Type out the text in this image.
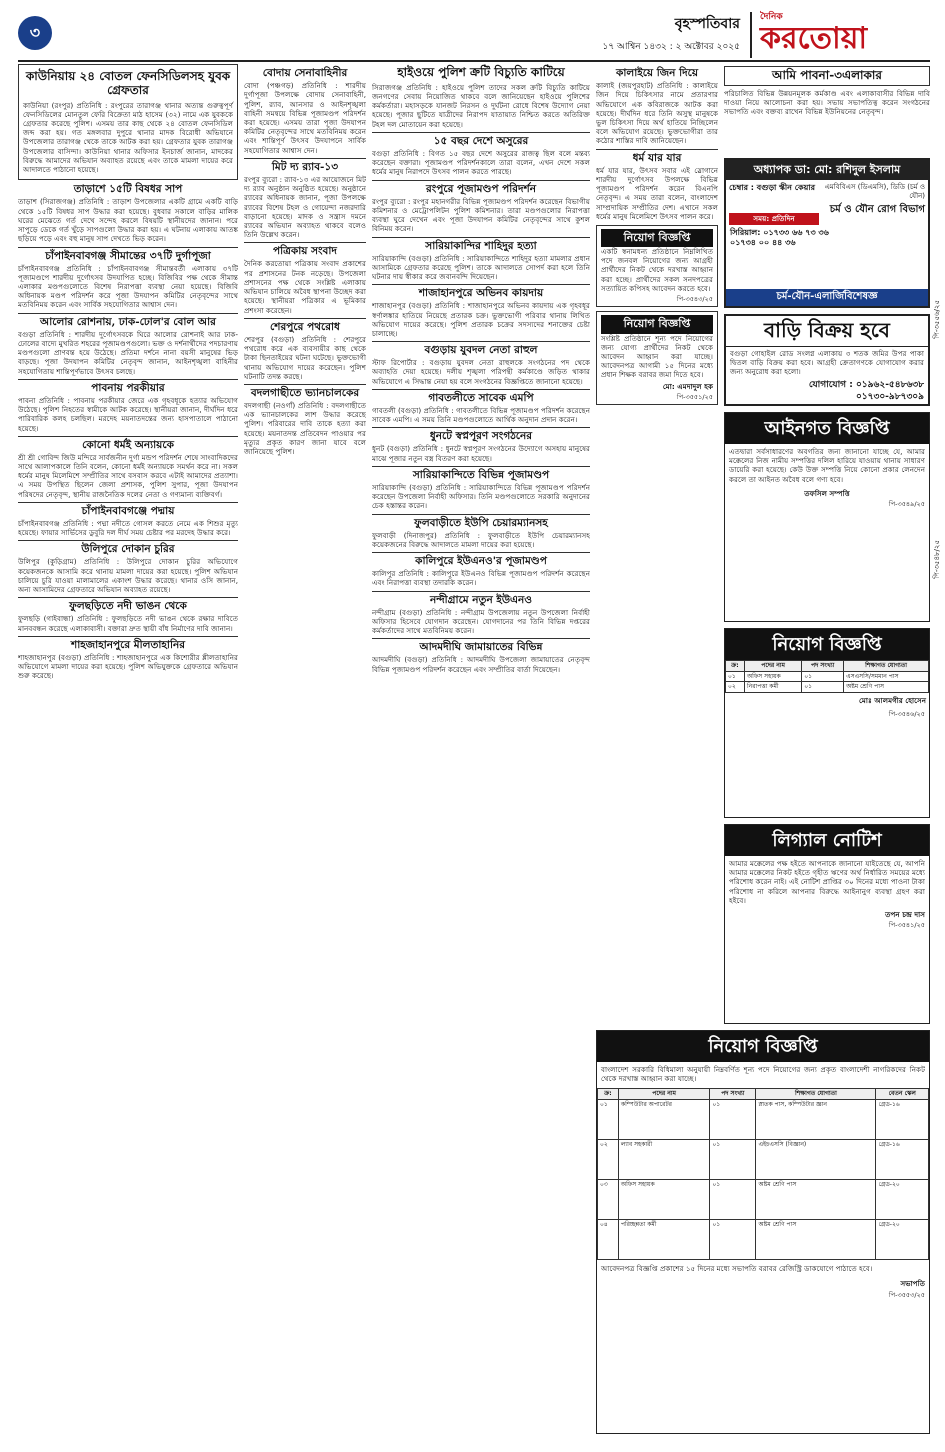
৩	বৃহস্পতিবার
১৭ আশ্বিন ১৪৩২ : ২ অক্টোবর ২০২৫
দৈনিক
করতোয়া
কাউনিয়ায় ২৪ বোতল ফেনসিডিলসহ যুবক গ্রেফতার

কাউনিয়া (রংপুর) প্রতিনিধি : রংপুরের তারাগঞ্জ থানার অত্যন্ত গুরুত্বপূর্ণ ফেনসিডিলের মোনতুল ফেরি বিক্রেতা মাঠ হাসেম (৩২) নামে এক যুবককে গ্রেফতার করেছে পুলিশ। এসময় তার কাছ থেকে ২৪ বোতল ফেনসিডিল জব্দ করা হয়। গত মঙ্গলবার দুপুরে থানার মাদক বিরোধী অভিযানে উপজেলার তারাগঞ্জ থেকে তাকে আটক করা হয়। গ্রেফতার যুবক তারাগঞ্জ উপজেলার বাসিন্দা। কাউনিয়া থানার অফিসার ইনচার্জ জানান, মাদকের বিরুদ্ধে আমাদের অভিযান অব্যাহত রয়েছে এবং তাকে মামলা দায়ের করে আদালতে পাঠানো হয়েছে।

তাড়াশে ১৫টি বিষধর সাপ

তাড়াশ (সিরাজগঞ্জ) প্রতিনিধি : তাড়াশ উপজেলার একটি গ্রামে একটি বাড়ি থেকে ১৫টি বিষধর সাপ উদ্ধার করা হয়েছে। বুধবার সকালে বাড়ির মালিক ঘরের মেঝেতে গর্ত দেখে সন্দেহ করলে বিষয়টি স্থানীয়দের জানান। পরে সাপুড়ে ডেকে গর্ত খুঁড়ে সাপগুলো উদ্ধার করা হয়। এ ঘটনায় এলাকায় আতঙ্ক ছড়িয়ে পড়ে এবং বহু মানুষ সাপ দেখতে ভিড় করেন।

চাঁপাইনবাবগঞ্জ সীমান্তের ৩৭টি দুর্গাপূজা

চাঁপাইনবাবগঞ্জ প্রতিনিধি : চাঁপাইনবাবগঞ্জ সীমান্তবর্তী এলাকায় ৩৭টি পূজামণ্ডপে শারদীয় দুর্গোৎসব উদযাপিত হচ্ছে। বিজিবির পক্ষ থেকে সীমান্ত এলাকার মণ্ডপগুলোতে বিশেষ নিরাপত্তা ব্যবস্থা নেয়া হয়েছে। বিজিবি অধিনায়ক মণ্ডপ পরিদর্শন করে পূজা উদযাপন কমিটির নেতৃবৃন্দের সাথে মতবিনিময় করেন এবং সার্বিক সহযোগিতার আশ্বাস দেন।

আলোর রোশনায়, ঢাক-ঢোল'র বোল আর

বগুড়া প্রতিনিধি : শারদীয় দুর্গোৎসবকে ঘিরে আলোর রোশনাই আর ঢাক-ঢোলের বাদ্যে মুখরিত শহরের পূজামণ্ডপগুলো। ভক্ত ও দর্শনার্থীদের পদচারণায় মণ্ডপগুলো প্রাণবন্ত হয়ে উঠেছে। প্রতিমা দর্শনে নানা বয়সী মানুষের ভিড় বাড়ছে। পূজা উদযাপন কমিটির নেতৃবৃন্দ জানান, আইনশৃঙ্খলা বাহিনীর সহযোগিতায় শান্তিপূর্ণভাবে উৎসব চলছে।

পাবনায় পরকীয়ার

পাবনা প্রতিনিধি : পাবনায় পরকীয়ার জেরে এক গৃহবধূকে হত্যার অভিযোগ উঠেছে। পুলিশ নিহতের স্বামীকে আটক করেছে। স্থানীয়রা জানান, দীর্ঘদিন ধরে পারিবারিক কলহ চলছিল। মরদেহ ময়নাতদন্তের জন্য হাসপাতালে পাঠানো হয়েছে।

কোনো ধর্মই অন্যায়কে

শ্রী শ্রী গোবিন্দ জিউ মন্দিরে সার্বজনীন দুর্গা মন্ডপ পরিদর্শন শেষে সাংবাদিকদের সাথে আলাপকালে তিনি বলেন, কোনো ধর্মই অন্যায়কে সমর্থন করে না। সকল ধর্মের মানুষ মিলেমিশে সম্প্রীতির সাথে বসবাস করবে এটাই আমাদের প্রত্যাশা। এ সময় উপস্থিত ছিলেন জেলা প্রশাসক, পুলিশ সুপার, পূজা উদযাপন পরিষদের নেতৃবৃন্দ, স্থানীয় রাজনৈতিক দলের নেতা ও গণ্যমান্য ব্যক্তিবর্গ।

চাঁপাইনবাবগঞ্জে পদ্মায়

চাঁপাইনবাবগঞ্জ প্রতিনিধি : পদ্মা নদীতে গোসল করতে নেমে এক শিশুর মৃত্যু হয়েছে। ফায়ার সার্ভিসের ডুবুরি দল দীর্ঘ সময় চেষ্টার পর মরদেহ উদ্ধার করে।

উলিপুরে দোকান চুরির

উলিপুর (কুড়িগ্রাম) প্রতিনিধি : উলিপুরে দোকান চুরির অভিযোগে কয়েকজনকে আসামি করে থানায় মামলা দায়ের করা হয়েছে। পুলিশ অভিযান চালিয়ে চুরি যাওয়া মালামালের একাংশ উদ্ধার করেছে। থানার ওসি জানান, অন্য আসামিদের গ্রেফতারে অভিযান অব্যাহত রয়েছে।

ফুলছড়িতে নদী ভাঙন থেকে

ফুলছড়ি (গাইবান্ধা) প্রতিনিধি : ফুলছড়িতে নদী ভাঙন থেকে রক্ষার দাবিতে মানববন্ধন করেছে এলাকাবাসী। বক্তারা দ্রুত স্থায়ী বাঁধ নির্মাণের দাবি জানান।

শাহজাহানপুরে মীলতাহানির

শাহজাহানপুর (বগুড়া) প্রতিনিধি : শাহজাহানপুরে এক কিশোরীর শ্লীলতাহানির অভিযোগে মামলা দায়ের করা হয়েছে। পুলিশ অভিযুক্তকে গ্রেফতারে অভিযান শুরু করেছে।

বোদায় সেনাবাহিনীর

বোদা (পঞ্চগড়) প্রতিনিধি : শারদীয় দুর্গাপূজা উপলক্ষে বোদায় সেনাবাহিনী, পুলিশ, র‍্যাব, আনসার ও আইনশৃঙ্খলা বাহিনী সমন্বয়ে বিভিন্ন পূজামণ্ডপ পরিদর্শন করা হয়েছে। এসময় তারা পূজা উদযাপন কমিটির নেতৃবৃন্দের সাথে মতবিনিময় করেন এবং শান্তিপূর্ণ উৎসব উদযাপনে সার্বিক সহযোগিতার আশ্বাস দেন।

মিট দ্য র‍্যাব-১৩

রংপুর ব্যুরো : র‍্যাব-১৩ এর আয়োজনে মিট দ্য র‍্যাব অনুষ্ঠান অনুষ্ঠিত হয়েছে। অনুষ্ঠানে র‍্যাবের অধিনায়ক জানান, পূজা উপলক্ষে র‍্যাবের বিশেষ টহল ও গোয়েন্দা নজরদারি বাড়ানো হয়েছে। মাদক ও সন্ত্রাস দমনে র‍্যাবের অভিযান অব্যাহত থাকবে বলেও তিনি উল্লেখ করেন।

পত্রিকায় সংবাদ

দৈনিক করতোয়া পত্রিকায় সংবাদ প্রকাশের পর প্রশাসনের টনক নড়েছে। উপজেলা প্রশাসনের পক্ষ থেকে সংশ্লিষ্ট এলাকায় অভিযান চালিয়ে অবৈধ স্থাপনা উচ্ছেদ করা হয়েছে। স্থানীয়রা পত্রিকার এ ভূমিকার প্রশংসা করেছেন।

শেরপুরে পথরোধ

শেরপুর (বগুড়া) প্রতিনিধি : শেরপুরে পথরোধ করে এক ব্যবসায়ীর কাছ থেকে টাকা ছিনতাইয়ের ঘটনা ঘটেছে। ভুক্তভোগী থানায় অভিযোগ দায়ের করেছেন। পুলিশ ঘটনাটি তদন্ত করছে।

বদলগাছীতে ভ্যানচালকের

বদলগাছী (নওগাঁ) প্রতিনিধি : বদলগাছীতে এক ভ্যানচালকের লাশ উদ্ধার করেছে পুলিশ। পরিবারের দাবি তাকে হত্যা করা হয়েছে। ময়নাতদন্ত প্রতিবেদন পাওয়ার পর মৃত্যুর প্রকৃত কারণ জানা যাবে বলে জানিয়েছে পুলিশ।

হাইওয়ে পুলিশ ক্রটি বিচ্যুতি কাটিয়ে

সিরাজগঞ্জ প্রতিনিধি : হাইওয়ে পুলিশ তাদের সকল ক্রটি বিচ্যুতি কাটিয়ে জনগণের সেবায় নিয়োজিত থাকবে বলে জানিয়েছেন হাইওয়ে পুলিশের কর্মকর্তারা। মহাসড়কে যানজট নিরসন ও দুর্ঘটনা রোধে বিশেষ উদ্যোগ নেয়া হয়েছে। পূজার ছুটিতে যাত্রীদের নিরাপদ যাতায়াত নিশ্চিত করতে অতিরিক্ত টহল দল মোতায়েন করা হয়েছে।

১৫ বছর দেশে অসুরের

বগুড়া প্রতিনিধি : বিগত ১৫ বছর দেশে অসুরের রাজত্ব ছিল বলে মন্তব্য করেছেন বক্তারা। পূজামণ্ডপ পরিদর্শনকালে তারা বলেন, এখন দেশে সকল ধর্মের মানুষ নিরাপদে উৎসব পালন করতে পারছে।

রংপুরে পূজামণ্ডপ পরিদর্শন

রংপুর ব্যুরো : রংপুর মহানগরীর বিভিন্ন পূজামণ্ডপ পরিদর্শন করেছেন বিভাগীয় কমিশনার ও মেট্রোপলিটন পুলিশ কমিশনার। তারা মণ্ডপগুলোর নিরাপত্তা ব্যবস্থা ঘুরে দেখেন এবং পূজা উদযাপন কমিটির নেতৃবৃন্দের সাথে কুশল বিনিময় করেন।

সারিয়াকান্দির শাহিদুর হত্যা

সারিয়াকান্দি (বগুড়া) প্রতিনিধি : সারিয়াকান্দিতে শাহিদুর হত্যা মামলার প্রধান আসামিকে গ্রেফতার করেছে পুলিশ। তাকে আদালতে সোপর্দ করা হলে তিনি ঘটনার দায় স্বীকার করে জবানবন্দি দিয়েছেন।

শাজাহানপুরে অভিনব কায়দায়

শাজাহানপুর (বগুড়া) প্রতিনিধি : শাজাহানপুরে অভিনব কায়দায় এক গৃহবধূর স্বর্ণালঙ্কার হাতিয়ে নিয়েছে প্রতারক চক্র। ভুক্তভোগী পরিবার থানায় লিখিত অভিযোগ দায়ের করেছে। পুলিশ প্রতারক চক্রের সদস্যদের শনাক্তের চেষ্টা চালাচ্ছে।

বগুড়ায় যুবদল নেতা রাহুল

স্টাফ রিপোর্টার : বগুড়ায় যুবদল নেতা রাহুলকে সংগঠনের পদ থেকে অব্যাহতি দেয়া হয়েছে। দলীয় শৃঙ্খলা পরিপন্থী কর্মকাণ্ডে জড়িত থাকার অভিযোগে এ সিদ্ধান্ত নেয়া হয় বলে সংগঠনের বিজ্ঞপ্তিতে জানানো হয়েছে।

গাবতলীতে সাবেক এমপি

গাবতলী (বগুড়া) প্রতিনিধি : গাবতলীতে বিভিন্ন পূজামণ্ডপ পরিদর্শন করেছেন সাবেক এমপি। এ সময় তিনি মণ্ডপগুলোতে আর্থিক অনুদান প্রদান করেন।

ধুনটে স্বপ্নপূরণ সংগঠনের

ধুনট (বগুড়া) প্রতিনিধি : ধুনটে স্বপ্নপূরণ সংগঠনের উদ্যোগে অসহায় মানুষের মাঝে পূজার নতুন বস্ত্র বিতরণ করা হয়েছে।

সারিয়াকান্দিতে বিভিন্ন পূজামণ্ডপ

সারিয়াকান্দি (বগুড়া) প্রতিনিধি : সারিয়াকান্দিতে বিভিন্ন পূজামণ্ডপ পরিদর্শন করেছেন উপজেলা নির্বাহী অফিসার। তিনি মণ্ডপগুলোতে সরকারি অনুদানের চেক হস্তান্তর করেন।

ফুলবাড়ীতে ইউপি চেয়ারম্যানসহ

ফুলবাড়ী (দিনাজপুর) প্রতিনিধি : ফুলবাড়ীতে ইউপি চেয়ারম্যানসহ কয়েকজনের বিরুদ্ধে আদালতে মামলা দায়ের করা হয়েছে।

কালিপুরে ইউএনও'র পূজামণ্ডপ

কালিপুর প্রতিনিধি : কালিপুরে ইউএনও বিভিন্ন পূজামণ্ডপ পরিদর্শন করেছেন এবং নিরাপত্তা ব্যবস্থা তদারকি করেন।

নন্দীগ্রামে নতুন ইউএনও

নন্দীগ্রাম (বগুড়া) প্রতিনিধি : নন্দীগ্রাম উপজেলায় নতুন উপজেলা নির্বাহী অফিসার হিসেবে যোগদান করেছেন। যোগদানের পর তিনি বিভিন্ন দপ্তরের কর্মকর্তাদের সাথে মতবিনিময় করেন।

আদমদীঘি জামায়াতের বিভিন্ন

আদমদীঘি (বগুড়া) প্রতিনিধি : আদমদীঘি উপজেলা জামায়াতের নেতৃবৃন্দ বিভিন্ন পূজামণ্ডপ পরিদর্শন করেছেন এবং সম্প্রীতির বার্তা দিয়েছেন।

কালাইয়ে জিন দিয়ে

কালাই (জয়পুরহাট) প্রতিনিধি : কালাইয়ে জিন দিয়ে চিকিৎসার নামে প্রতারণার অভিযোগে এক কবিরাজকে আটক করা হয়েছে। দীর্ঘদিন ধরে তিনি অসুস্থ মানুষকে ভুল চিকিৎসা দিয়ে অর্থ হাতিয়ে নিচ্ছিলেন বলে অভিযোগ রয়েছে। ভুক্তভোগীরা তার কঠোর শাস্তির দাবি জানিয়েছেন।

ধর্ম যার যার

ধর্ম যার যার, উৎসব সবার এই স্লোগানে শারদীয় দুর্গোৎসব উপলক্ষে বিভিন্ন পূজামণ্ডপ পরিদর্শন করেন বিএনপি নেতৃবৃন্দ। এ সময় তারা বলেন, বাংলাদেশ সাম্প্রদায়িক সম্প্রীতির দেশ। এখানে সকল ধর্মের মানুষ মিলেমিশে উৎসব পালন করে।

নিয়োগ বিজ্ঞপ্তি

একটি স্বনামধন্য প্রতিষ্ঠানে নিম্নলিখিত পদে জনবল নিয়োগের জন্য আগ্রহী প্রার্থীদের নিকট থেকে দরখাস্ত আহ্বান করা হচ্ছে। প্রার্থীদের সকল সনদপত্রের সত্যায়িত কপিসহ আবেদন করতে হবে।

পি-৩৫৪৩/২৫
নিয়োগ বিজ্ঞপ্তি

সংশ্লিষ্ট প্রতিষ্ঠানে শূন্য পদে নিয়োগের জন্য যোগ্য প্রার্থীদের নিকট থেকে আবেদন আহ্বান করা যাচ্ছে। আবেদনপত্র আগামী ১৫ দিনের মধ্যে প্রধান শিক্ষক বরাবর জমা দিতে হবে।

মো: এমদাদুল হক
পি-৩৫৫১/২৫
আমি পাবনা-৩এলাকার

পরিচালিত বিভিন্ন উন্নয়নমূলক কর্মকাণ্ড এবং এলাকাবাসীর বিভিন্ন দাবি দাওয়া নিয়ে আলোচনা করা হয়। সভায় সভাপতিত্ব করেন সংগঠনের সভাপতি এবং বক্তব্য রাখেন বিভিন্ন ইউনিয়নের নেতৃবৃন্দ।

অধ্যাপক ডা: মো: রশিদুল ইসলাম
চেম্বার : বগুড়া স্কীন কেয়ার
সময়: প্রতিদিন
এমবিবিএস (ডিএমসি), ডিডি (চর্ম ও যৌন)
চর্ম ও যৌন রোগ বিভাগ
সিরিয়াল: ০১৭৩৩ ৬৬ ৭৩ ৩৬
০১৭৩৪ ০০ ৪৪ ৩৬
চর্ম-যৌন-এলার্জিবিশেষজ্ঞ
বাড়ি বিক্রয় হবে

বগুড়া গোহাইল রোড সংলগ্ন এলাকায় ৩ শতক জমির উপর পাকা দ্বিতল বাড়ি বিক্রয় করা হবে। আগ্রহী ক্রেতাগণকে যোগাযোগ করার জন্য অনুরোধ করা হলো।

যোগাযোগ : ০১৯৬২-৫৪৮৬৩৮
০১৭৩০-৯৮৭৩০৯
আইনগত বিজ্ঞপ্তি

এতদ্বারা সর্বসাধারণের অবগতির জন্য জানানো যাচ্ছে যে, আমার মক্কেলের নিজ নামীয় সম্পত্তির দলিল হারিয়ে যাওয়ায় থানায় সাধারণ ডায়েরি করা হয়েছে। কেউ উক্ত সম্পত্তি নিয়ে কোনো প্রকার লেনদেন করলে তা আইনত অবৈধ বলে গণ্য হবে।

তফসিল সম্পত্তি
পি-৩৫৪৯/২৫
নিয়োগ বিজ্ঞপ্তি
ক্র:	পদের নাম	পদ সংখ্যা	শিক্ষাগত যোগ্যতা
০১	অফিস সহায়ক	০১	এসএসসি/সমমান পাস
০২	নিরাপত্তা কর্মী	০১	অষ্টম শ্রেণি পাস
মোঃ আলমগীর হোসেন
পি-৩৫৪৬/২৫
লিগ্যাল নোটিশ

আমার মক্কেলের পক্ষ হইতে আপনাকে জানানো যাইতেছে যে, আপনি আমার মক্কেলের নিকট হইতে গৃহীত ঋণের অর্থ নির্ধারিত সময়ের মধ্যে পরিশোধ করেন নাই। এই নোটিশ প্রাপ্তির ৩০ দিনের মধ্যে পাওনা টাকা পরিশোধ না করিলে আপনার বিরুদ্ধে আইনানুগ ব্যবস্থা গ্রহণ করা হইবে।

তপন চন্দ্র দাস
পি-৩৫৪১/২৫
নিয়োগ বিজ্ঞপ্তি

বাংলাদেশ সরকারি বিধিমালা অনুযায়ী নিম্নবর্ণিত শূন্য পদে নিয়োগের জন্য প্রকৃত বাংলাদেশী নাগরিকদের নিকট থেকে দরখাস্ত আহ্বান করা যাচ্ছে।

ক্র:	পদের নাম	পদ সংখ্যা	শিক্ষাগত যোগ্যতা	বেতন স্কেল
০১	কম্পিউটার অপারেটর	০১	স্নাতক পাস, কম্পিউটার জ্ঞান	গ্রেড-১৬
০২	ল্যাব সহকারী	০১	এইচএসসি (বিজ্ঞান)	গ্রেড-১৬
০৩	অফিস সহায়ক	০১	অষ্টম শ্রেণি পাস	গ্রেড-২০
০৪	পরিচ্ছন্নতা কর্মী	০১	অষ্টম শ্রেণি পাস	গ্রেড-২০

আবেদনপত্র বিজ্ঞপ্তি প্রকাশের ১৫ দিনের মধ্যে সভাপতি বরাবর রেজিস্ট্রি ডাকযোগে পাঠাতে হবে।

সভাপতি
পি-৩৫৫৩/২৫
পি-৩৫৫৬/২৫
পি-৩৫৪৮/২৫
